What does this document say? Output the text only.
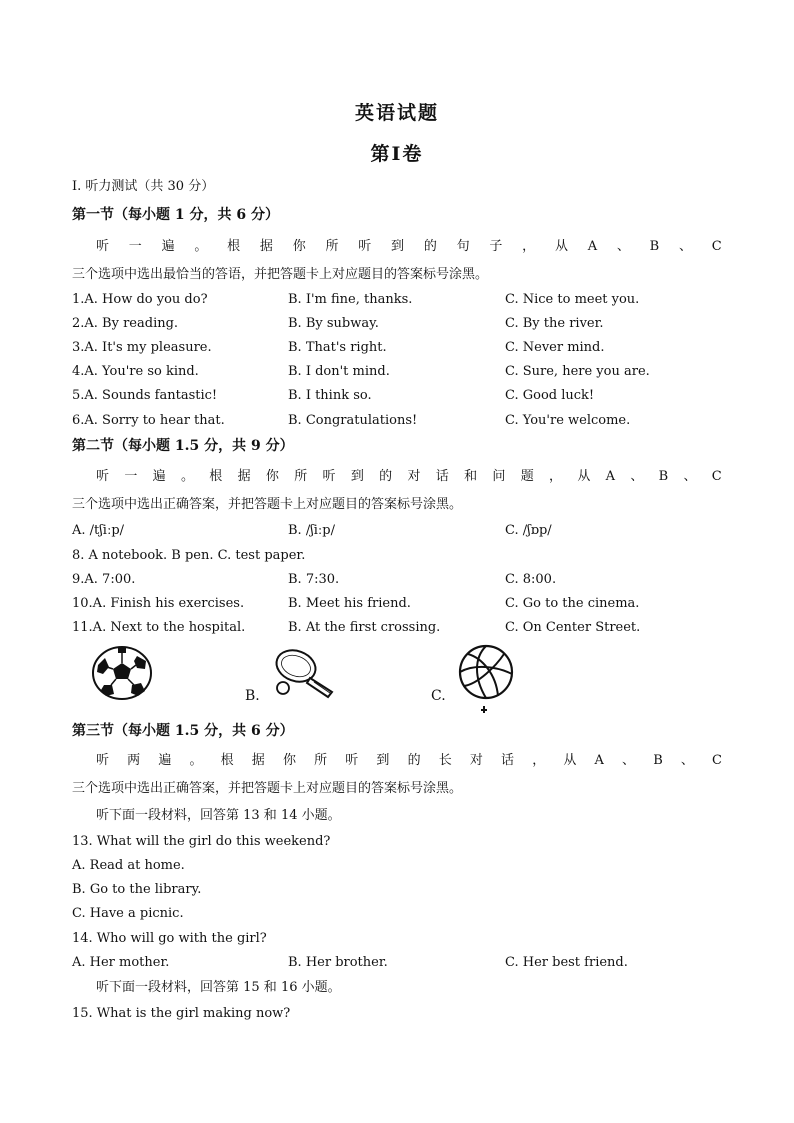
英语试题
第Ⅰ卷
Ⅰ. 听力测试（共 30 分）
第一节（每小题 1 分，共 6 分）
听 一 遍 。 根 据 你 所 听 到 的 句 子 ， 从 A 、 B 、 C
三个选项中选出最恰当的答语，并把答题卡上对应题目的答案标号涂黑。
1.A. How do you do?	B. I'm fine, thanks.	C. Nice to meet you.
2.A. By reading.	B. By subway.	C. By the river.
3.A. It's my pleasure.	B. That's right.	C. Never mind.
4.A. You're so kind.	B. I don't mind.	C. Sure, here you are.
5.A. Sounds fantastic!	B. I think so.	C. Good luck!
6.A. Sorry to hear that.	B. Congratulations!	C. You're welcome.
第二节（每小题 1.5 分，共 9 分）
听 一 遍 。 根 据 你 所 听 到 的 对 话 和 问 题 ， 从 A 、 B 、 C
三个选项中选出正确答案，并把答题卡上对应题目的答案标号涂黑。
A. /tʃiːp/	B. /ʃiːp/	C. /ʃɒp/
8. A notebook. B pen. C. test paper.
9.A. 7:00.	B. 7:30.	C. 8:00.
10.A. Finish his exercises.	B. Meet his friend.	C. Go to the cinema.
11.A. Next to the hospital.	B. At the first crossing.	C. On Center Street.
B.	C.
第三节（每小题 1.5 分，共 6 分）
听 两 遍 。 根 据 你 所 听 到 的 长 对 话 ， 从 A 、 B 、 C
三个选项中选出正确答案，并把答题卡上对应题目的答案标号涂黑。
听下面一段材料，回答第 13 和 14 小题。
13. What will the girl do this weekend?
A. Read at home.
B. Go to the library.
C. Have a picnic.
14. Who will go with the girl?
A. Her mother.	B. Her brother.	C. Her best friend.
听下面一段材料，回答第 15 和 16 小题。
15. What is the girl making now?
